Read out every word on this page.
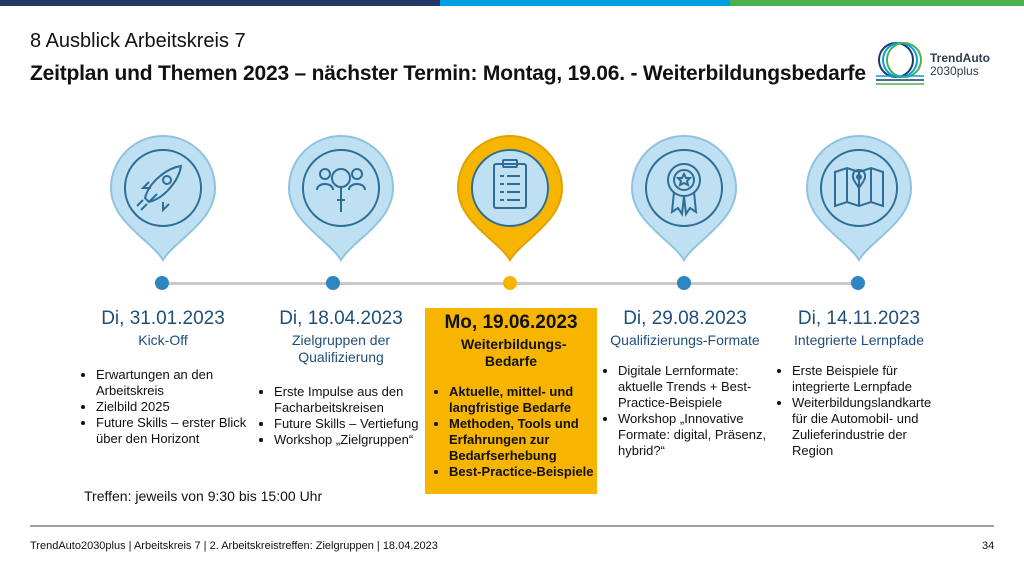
8 Ausblick Arbeitskreis 7
Zeitplan und Themen 2023 – nächster Termin: Montag, 19.06. - Weiterbildungsbedarfe
TrendAuto
2030plus
Di, 31.01.2023
Kick-Off
• Erwartungen an den Arbeitskreis
• Zielbild 2025
• Future Skills – erster Blick über den Horizont
Di, 18.04.2023
Zielgruppen der Qualifizierung
• Erste Impulse aus den Facharbeitskreisen
• Future Skills – Vertiefung
• Workshop „Zielgruppen“
Mo, 19.06.2023
Weiterbildungs-Bedarfe
• Aktuelle, mittel- und langfristige Bedarfe
• Methoden, Tools und Erfahrungen zur Bedarfserhebung
• Best-Practice-Beispiele
Di, 29.08.2023
Qualifizierungs-Formate
• Digitale Lernformate: aktuelle Trends + Best-Practice-Beispiele
• Workshop „Innovative Formate: digital, Präsenz, hybrid?“
Di, 14.11.2023
Integrierte Lernpfade
• Erste Beispiele für integrierte Lernpfade
• Weiterbildungslandkarte für die Automobil- und Zulieferindustrie der Region
Treffen: jeweils von 9:30 bis 15:00 Uhr
TrendAuto2030plus | Arbeitskreis 7 | 2. Arbeitskreistreffen: Zielgruppen | 18.04.2023	34
